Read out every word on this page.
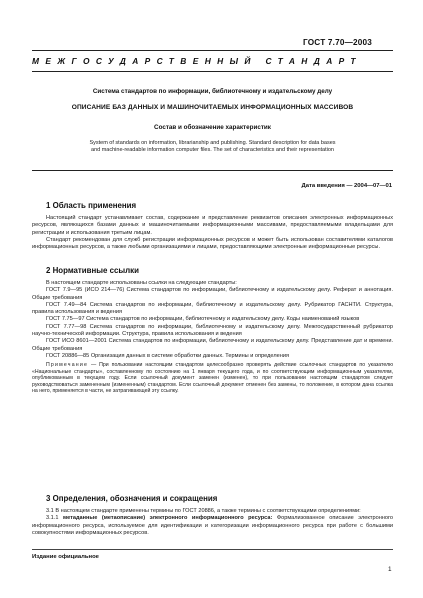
ГОСТ 7.70—2003
МЕЖГОСУДАРСТВЕННЫЙ СТАНДАРТ
Система стандартов по информации, библиотечному и издательскому делу
ОПИСАНИЕ БАЗ ДАННЫХ И МАШИНОЧИТАЕМЫХ ИНФОРМАЦИОННЫХ МАССИВОВ
Состав и обозначение характеристик
System of standards on information, librarianship and publishing. Standard description for data bases
and machine-readable information computer files. The set of characteristics and their representation
Дата введения — 2004—07—01
1 Область применения

Настоящий стандарт устанавливает состав, содержание и представление реквизитов описания электронных информационных ресурсов, являющихся базами данных и машиночитаемыми информационными массивами, предоставляемыми владельцами для регистрации и использования третьим лицам.

Стандарт рекомендован для служб регистрации информационных ресурсов и может быть использован составителями каталогов информационных ресурсов, а также любыми организациями и лицами, предоставляющими электронные информационные ресурсы.

2 Нормативные ссылки

В настоящем стандарте использованы ссылки на следующие стандарты:

ГОСТ 7.9—95 (ИСО 214—76) Система стандартов по информации, библиотечному и издательскому делу. Реферат и аннотация. Общие требования

ГОСТ 7.49—84 Система стандартов по информации, библиотечному и издательскому делу. Рубрикатор ГАСНТИ. Структура, правила использования и ведения

ГОСТ 7.75—97 Система стандартов по информации, библиотечному и издательскому делу. Коды наименований языков

ГОСТ 7.77—98 Система стандартов по информации, библиотечному и издательскому делу. Межгосударственный рубрикатор научно-технической информации. Структура, правила использования и ведения

ГОСТ ИСО 8601—2001 Система стандартов по информации, библиотечному и издательскому делу. Представление дат и времени. Общие требования

ГОСТ 20886—85 Организация данных в системе обработки данных. Термины и определения

Примечание — При пользовании настоящим стандартом целесообразно проверять действие ссылочных стандартов по указателю «Национальные стандарты», составленному по состоянию на 1 января текущего года, и по соответствующим информационным указателям, опубликованным в текущем году. Если ссылочный документ заменен (изменен), то при пользовании настоящим стандартом следует руководствоваться замененным (измененным) стандартом. Если ссылочный документ отменен без замены, то положение, в котором дана ссылка на него, применяется в части, не затрагивающей эту ссылку.

3 Определения, обозначения и сокращения

3.1 В настоящем стандарте применены термины по ГОСТ 20886, а также термины с соответствующими определениями:

3.1.1 метаданные (метаописание) электронного информационного ресурса: Формализованное описание электронного информационного ресурса, используемое для идентификации и категоризации информационного ресурса при работе с большими совокупностями информационных ресурсов.

Издание официальное
1
